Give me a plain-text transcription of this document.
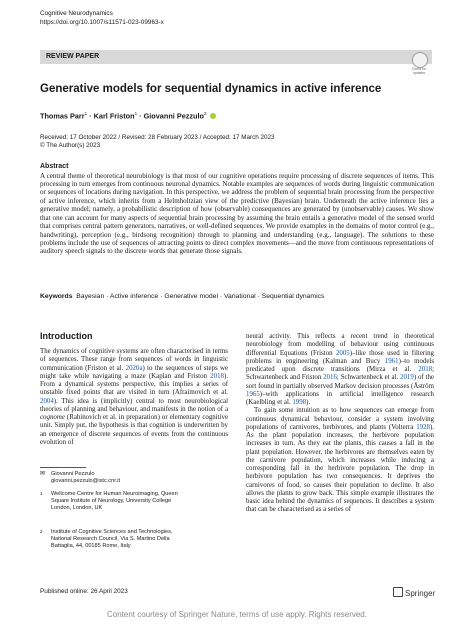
Cognitive Neurodynamics
https://doi.org/10.1007/s11571-023-09963-x
REVIEW PAPER
Check for
updates
Generative models for sequential dynamics in active inference
Thomas Parr$^1$ · Karl Friston$^1$ · Giovanni Pezzulo$^2$
Received: 17 October 2022 / Revised: 28 February 2023 / Accepted: 17 March 2023
© The Author(s) 2023
Abstract
A central theme of theoretical neurobiology is that most of our cognitive operations require processing of discrete sequences of items. This processing in turn emerges from continuous neuronal dynamics. Notable examples are sequences of words during linguistic communication or sequences of locations during navigation. In this perspective, we address the problem of sequential brain processing from the perspective of active inference, which inherits from a Helmholtzian view of the predictive (Bayesian) brain. Underneath the active inference lies a generative model; namely, a probabilistic description of how (observable) consequences are generated by (unobservable) causes. We show that one can account for many aspects of sequential brain processing by assuming the brain entails a generative model of the sensed world that comprises central pattern generators, narratives, or well-defined sequences. We provide examples in the domains of motor control (e.g., handwriting), perception (e.g., birdsong recognition) through to planning and understanding (e.g., language). The solutions to these problems include the use of sequences of attracting points to direct complex movements—and the move from continuous representations of auditory speech signals to the discrete words that generate those signals.
Keywords Bayesian · Active inference · Generative model · Variational · Sequential dynamics
Introduction

The dynamics of cognitive systems are often characterised in terms of sequences. These range from sequences of words in linguistic communication (Friston et al. 2020a) to the sequences of steps we might take while navigating a maze (Kaplan and Friston 2018). From a dynamical systems perspective, this implies a series of unstable fixed points that are visited in turn (Afraimovich et al. 2004). This idea is (implicitly) central to most neurobiological theories of planning and behaviour, and manifests in the notion of a cognome (Rabinovich et al. in preparation) or elementary cognitive unit. Simply put, the hypothesis is that cognition is underwritten by an emergence of discrete sequences of events from the continuous evolution of

neural activity. This reflects a recent trend in theoretical neurobiology from modelling of behaviour using continuous differential Equations (Friston 2005)–like those used in filtering problems in engineering (Kalman and Bucy 1961)–to models predicated upon discrete transitions (Mirza et al. 2018; Schwartenbeck and Friston 2016; Schwartenbeck et al. 2019) of the sort found in partially observed Markov decision processes (Åström 1965)–with applications in artificial intelligence research (Kaelbling et al. 1998).

To gain some intuition as to how sequences can emerge from continuous dynamical behaviour, consider a system involving populations of carnivores, herbivores, and plants (Volterra 1928). As the plant population increases, the herbivore population increases in turn. As they eat the plants, this causes a fall in the plant population. However, the herbivores are themselves eaten by the carnivore population, which increases while inducing a corresponding fall in the herbivore population. The drop in herbivore population has two consequences. It deprives the carnivores of food, so causes their population to decline. It also allows the plants to grow back. This simple example illustrates the basic idea behind the dynamics of sequences. It describes a system that can be characterised as a series of

✉ Giovanni Pezzulo
giovanni.pezzulo@istc.cnr.it
1 Wellcome Centre for Human Neuroimaging, Queen Square Institute of Neurology, University College London, London, UK
2 Institute of Cognitive Sciences and Technologies, National Research Council, Via S. Martino Della Battaglia, 44, 00185 Rome, Italy
Published online: 26 April 2023	Springer
Content courtesy of Springer Nature, terms of use apply. Rights reserved.
